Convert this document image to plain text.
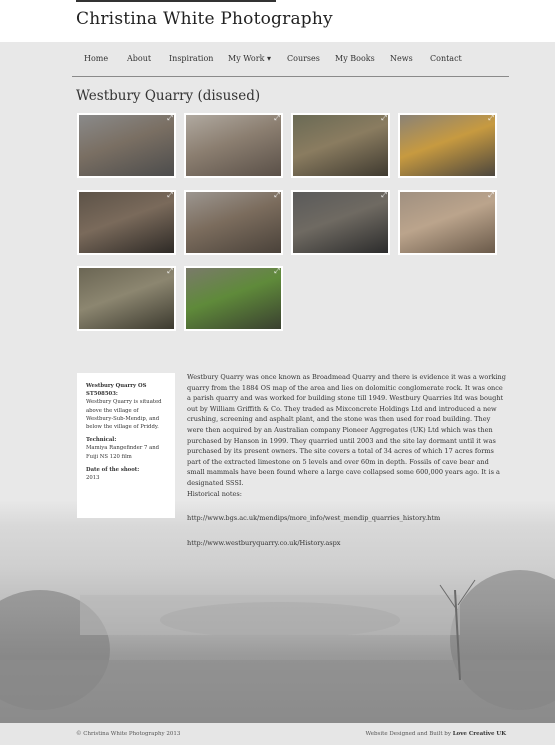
Christina White Photography
Home About Inspiration My Work ▾ Courses My Books News Contact
Westbury Quarry (disused)
⤢	⤢	⤢	⤢
⤢	⤢	⤢	⤢
⤢	⤢
Westbury Quarry OS ST508503:
Westbury Quarry is situated above the village of Westbury-Sub-Mendip, and below the village of Priddy.
Technical:
Mamiya Rangefinder 7 and Fuiji NS 120 film
Date of the shoot:
2013

Westbury Quarry was once known as Broadmead Quarry and there is evidence it was a working quarry from the 1884 OS map of the area and lies on dolomitic conglomerate rock. It was once a parish quarry and was worked for building stone till 1949. Westbury Quarries ltd was bought out by William Griffith & Co. They traded as Mixconcrete Holdings Ltd and introduced a new crushing, screening and asphalt plant, and the stone was then used for road building. They were then acquired by an Australian company Pioneer Aggregates (UK) Ltd which was then purchased by Hanson in 1999. They quarried until 2003 and the site lay dormant until it was purchased by its present owners. The site covers a total of 34 acres of which 17 acres forms part of the extracted limestone on 5 levels and over 60m in depth. Fossils of cave bear and small mammals have been found where a large cave collapsed some 600,000 years ago. It is a designated SSSI.

Historical notes:
http://www.bgs.ac.uk/mendips/more_info/west_mendip_quarries_history.htm
http://www.westburyquarry.co.uk/History.aspx
© Christina White Photography 2013	Website Designed and Built by Love Creative UK
